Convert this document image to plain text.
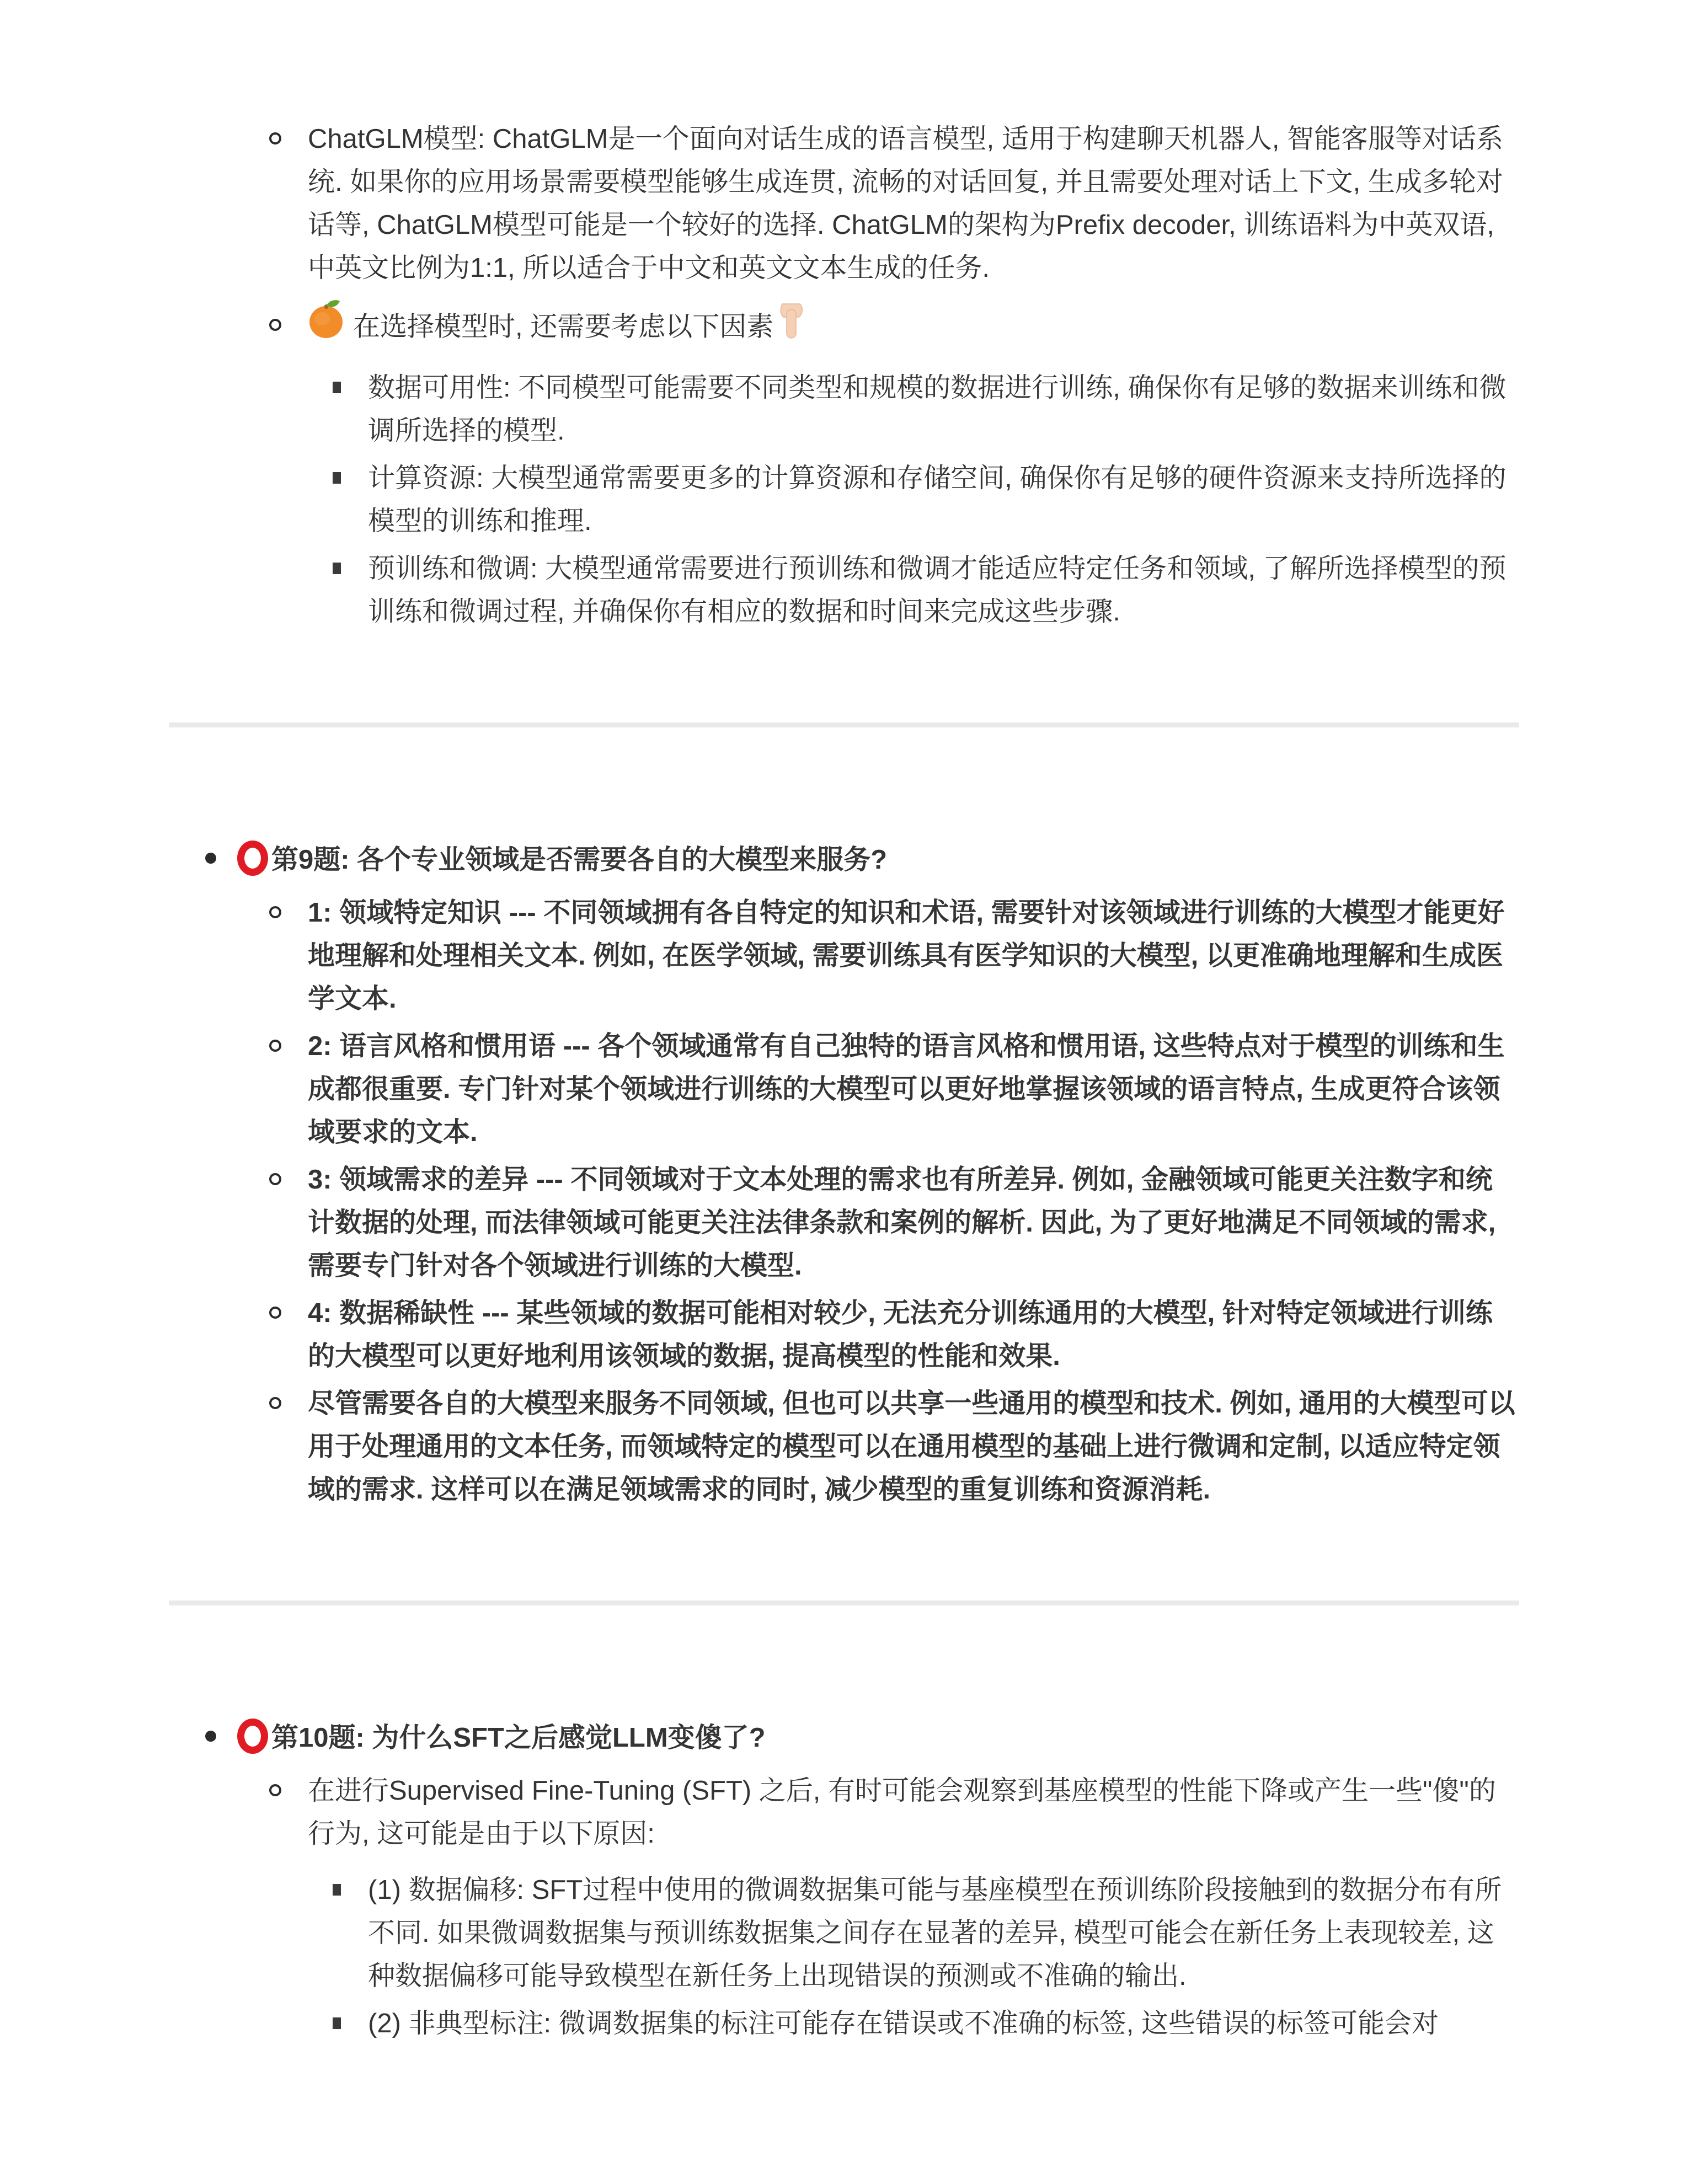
ChatGLM模型: ChatGLM是一个面向对话生成的语言模型, 适用于构建聊天机器人, 智能客服等对话系统. 如果你的应用场景需要模型能够生成连贯, 流畅的对话回复, 并且需要处理对话上下文, 生成多轮对话等, ChatGLM模型可能是一个较好的选择. ChatGLM的架构为Prefix decoder, 训练语料为中英双语, 中英文比例为1:1, 所以适合于中文和英文文本生成的任务.
在选择模型时, 还需要考虑以下因素
数据可用性: 不同模型可能需要不同类型和规模的数据进行训练, 确保你有足够的数据来训练和微调所选择的模型.
计算资源: 大模型通常需要更多的计算资源和存储空间, 确保你有足够的硬件资源来支持所选择的模型的训练和推理.
预训练和微调: 大模型通常需要进行预训练和微调才能适应特定任务和领域, 了解所选择模型的预训练和微调过程, 并确保你有相应的数据和时间来完成这些步骤.
第9题: 各个专业领域是否需要各自的大模型来服务?
1: 领域特定知识 --- 不同领域拥有各自特定的知识和术语, 需要针对该领域进行训练的大模型才能更好地理解和处理相关文本. 例如, 在医学领域, 需要训练具有医学知识的大模型, 以更准确地理解和生成医学文本.
2: 语言风格和惯用语 --- 各个领域通常有自己独特的语言风格和惯用语, 这些特点对于模型的训练和生成都很重要. 专门针对某个领域进行训练的大模型可以更好地掌握该领域的语言特点, 生成更符合该领域要求的文本.
3: 领域需求的差异 --- 不同领域对于文本处理的需求也有所差异. 例如, 金融领域可能更关注数字和统计数据的处理, 而法律领域可能更关注法律条款和案例的解析. 因此, 为了更好地满足不同领域的需求, 需要专门针对各个领域进行训练的大模型.
4: 数据稀缺性 --- 某些领域的数据可能相对较少, 无法充分训练通用的大模型, 针对特定领域进行训练的大模型可以更好地利用该领域的数据, 提高模型的性能和效果.
尽管需要各自的大模型来服务不同领域, 但也可以共享一些通用的模型和技术. 例如, 通用的大模型可以用于处理通用的文本任务, 而领域特定的模型可以在通用模型的基础上进行微调和定制, 以适应特定领域的需求. 这样可以在满足领域需求的同时, 减少模型的重复训练和资源消耗.
第10题: 为什么SFT之后感觉LLM变傻了?
在进行Supervised Fine-Tuning (SFT) 之后, 有时可能会观察到基座模型的性能下降或产生一些"傻"的行为, 这可能是由于以下原因:
(1) 数据偏移: SFT过程中使用的微调数据集可能与基座模型在预训练阶段接触到的数据分布有所不同. 如果微调数据集与预训练数据集之间存在显著的差异, 模型可能会在新任务上表现较差, 这种数据偏移可能导致模型在新任务上出现错误的预测或不准确的输出.
(2) 非典型标注: 微调数据集的标注可能存在错误或不准确的标签, 这些错误的标签可能会对
